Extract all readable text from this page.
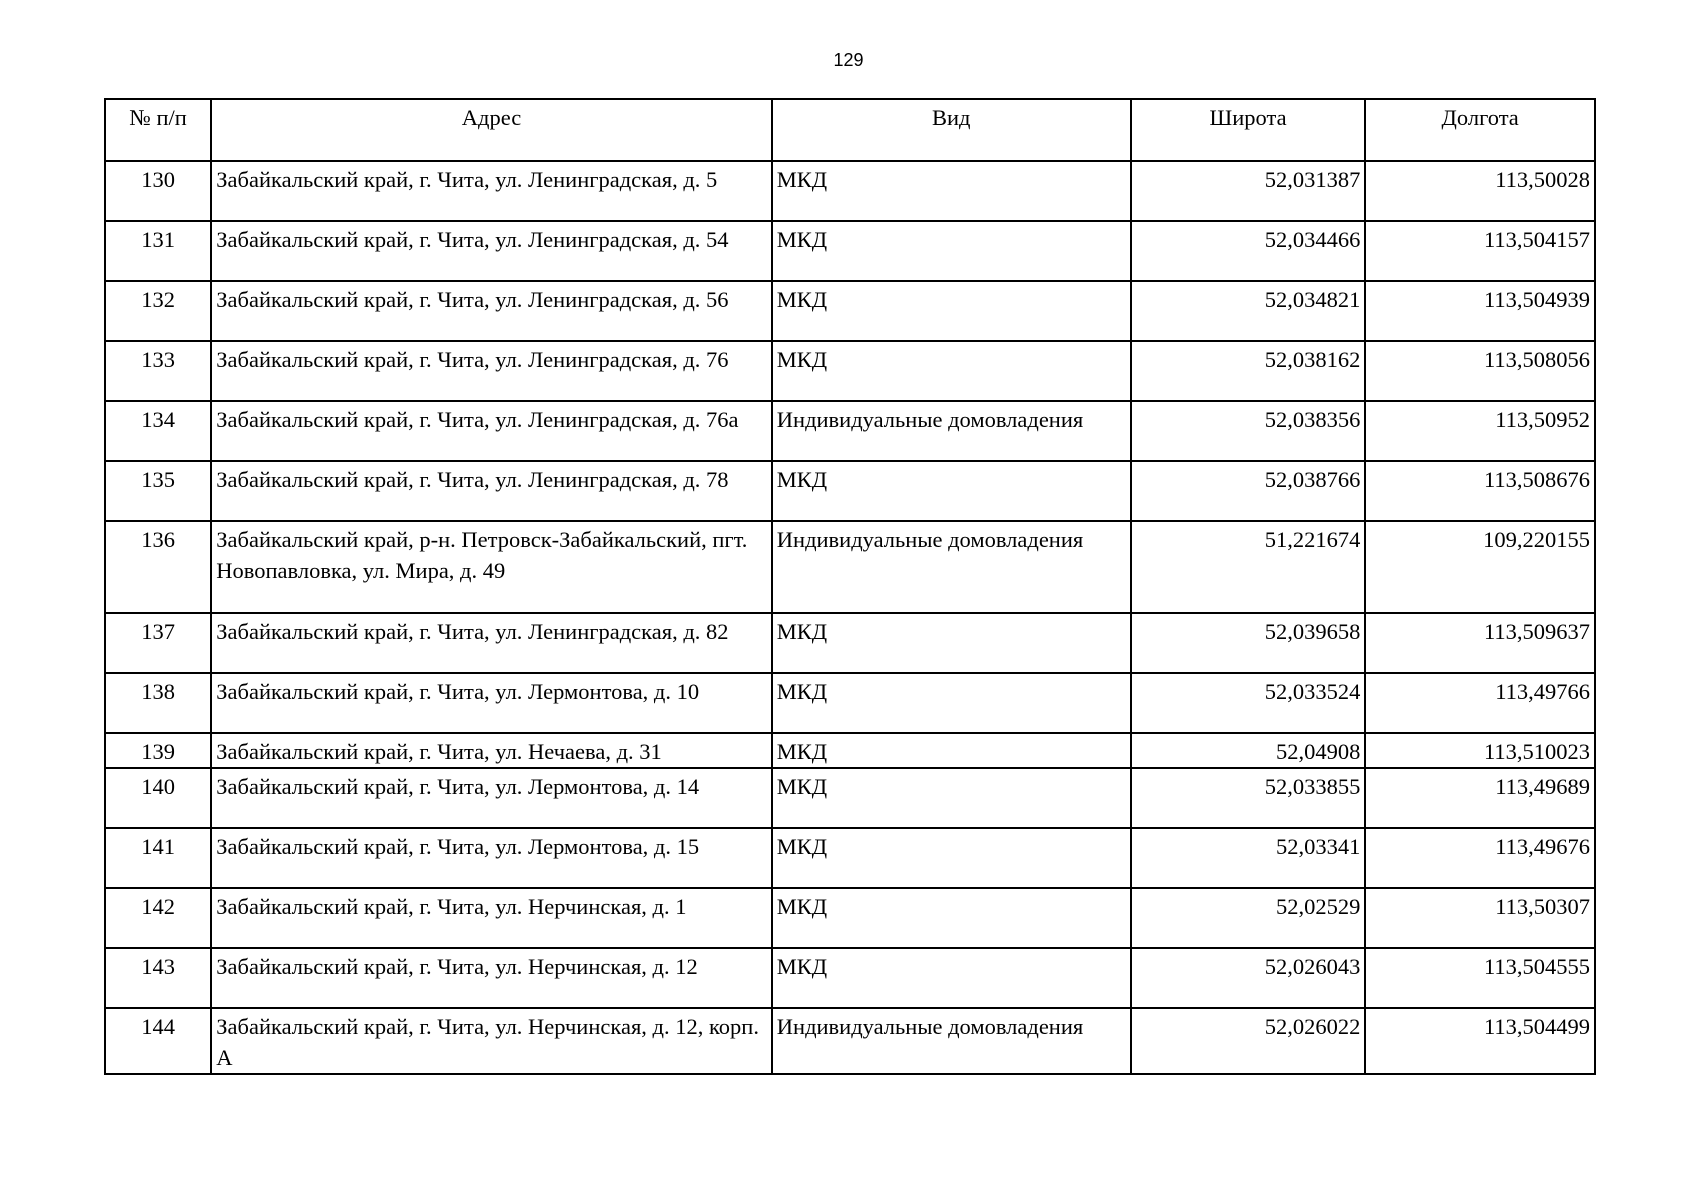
129
№ п/п	Адрес	Вид	Широта	Долгота
130	Забайкальский край, г. Чита, ул. Ленинградская, д. 5	МКД	52,031387	113,50028
131	Забайкальский край, г. Чита, ул. Ленинградская, д. 54	МКД	52,034466	113,504157
132	Забайкальский край, г. Чита, ул. Ленинградская, д. 56	МКД	52,034821	113,504939
133	Забайкальский край, г. Чита, ул. Ленинградская, д. 76	МКД	52,038162	113,508056
134	Забайкальский край, г. Чита, ул. Ленинградская, д. 76а	Индивидуальные домовладения	52,038356	113,50952
135	Забайкальский край, г. Чита, ул. Ленинградская, д. 78	МКД	52,038766	113,508676
136	Забайкальский край, р-н. Петровск-Забайкальский, пгт. Новопавловка, ул. Мира, д. 49	Индивидуальные домовладения	51,221674	109,220155
137	Забайкальский край, г. Чита, ул. Ленинградская, д. 82	МКД	52,039658	113,509637
138	Забайкальский край, г. Чита, ул. Лермонтова, д. 10	МКД	52,033524	113,49766
139	Забайкальский край, г. Чита, ул. Нечаева, д. 31	МКД	52,04908	113,510023
140	Забайкальский край, г. Чита, ул. Лермонтова, д. 14	МКД	52,033855	113,49689
141	Забайкальский край, г. Чита, ул. Лермонтова, д. 15	МКД	52,03341	113,49676
142	Забайкальский край, г. Чита, ул. Нерчинская, д. 1	МКД	52,02529	113,50307
143	Забайкальский край, г. Чита, ул. Нерчинская, д. 12	МКД	52,026043	113,504555
144	Забайкальский край, г. Чита, ул. Нерчинская, д. 12, корп. А	Индивидуальные домовладения	52,026022	113,504499
